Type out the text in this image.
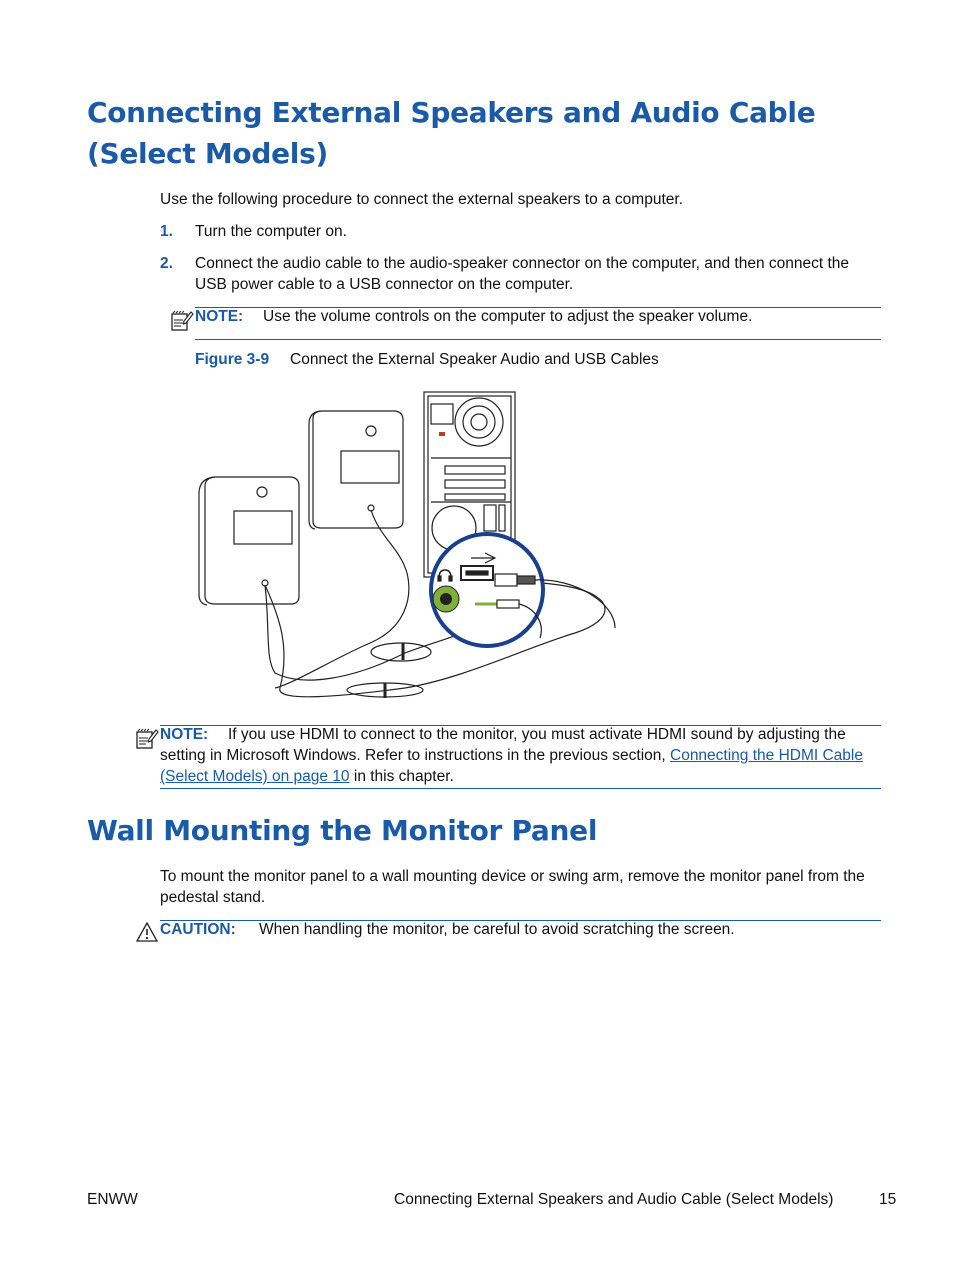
Connecting External Speakers and Audio Cable
(Select Models)

Use the following procedure to connect the external speakers to a computer.

1. Turn the computer on.

2. Connect the audio cable to the audio-speaker connector on the computer, and then connect the

USB power cable to a USB connector on the computer.

NOTE: Use the volume controls on the computer to adjust the speaker volume.
Figure 3-9 Connect the External Speaker Audio and USB Cables
NOTE: If you use HDMI to connect to the monitor, you must activate HDMI sound by adjusting the
setting in Microsoft Windows. Refer to instructions in the previous section, Connecting the HDMI Cable
(Select Models) on page 10 in this chapter.
Wall Mounting the Monitor Panel

To mount the monitor panel to a wall mounting device or swing arm, remove the monitor panel from the

pedestal stand.

CAUTION: When handling the monitor, be careful to avoid scratching the screen.
ENWW	Connecting External Speakers and Audio Cable (Select Models)	15
